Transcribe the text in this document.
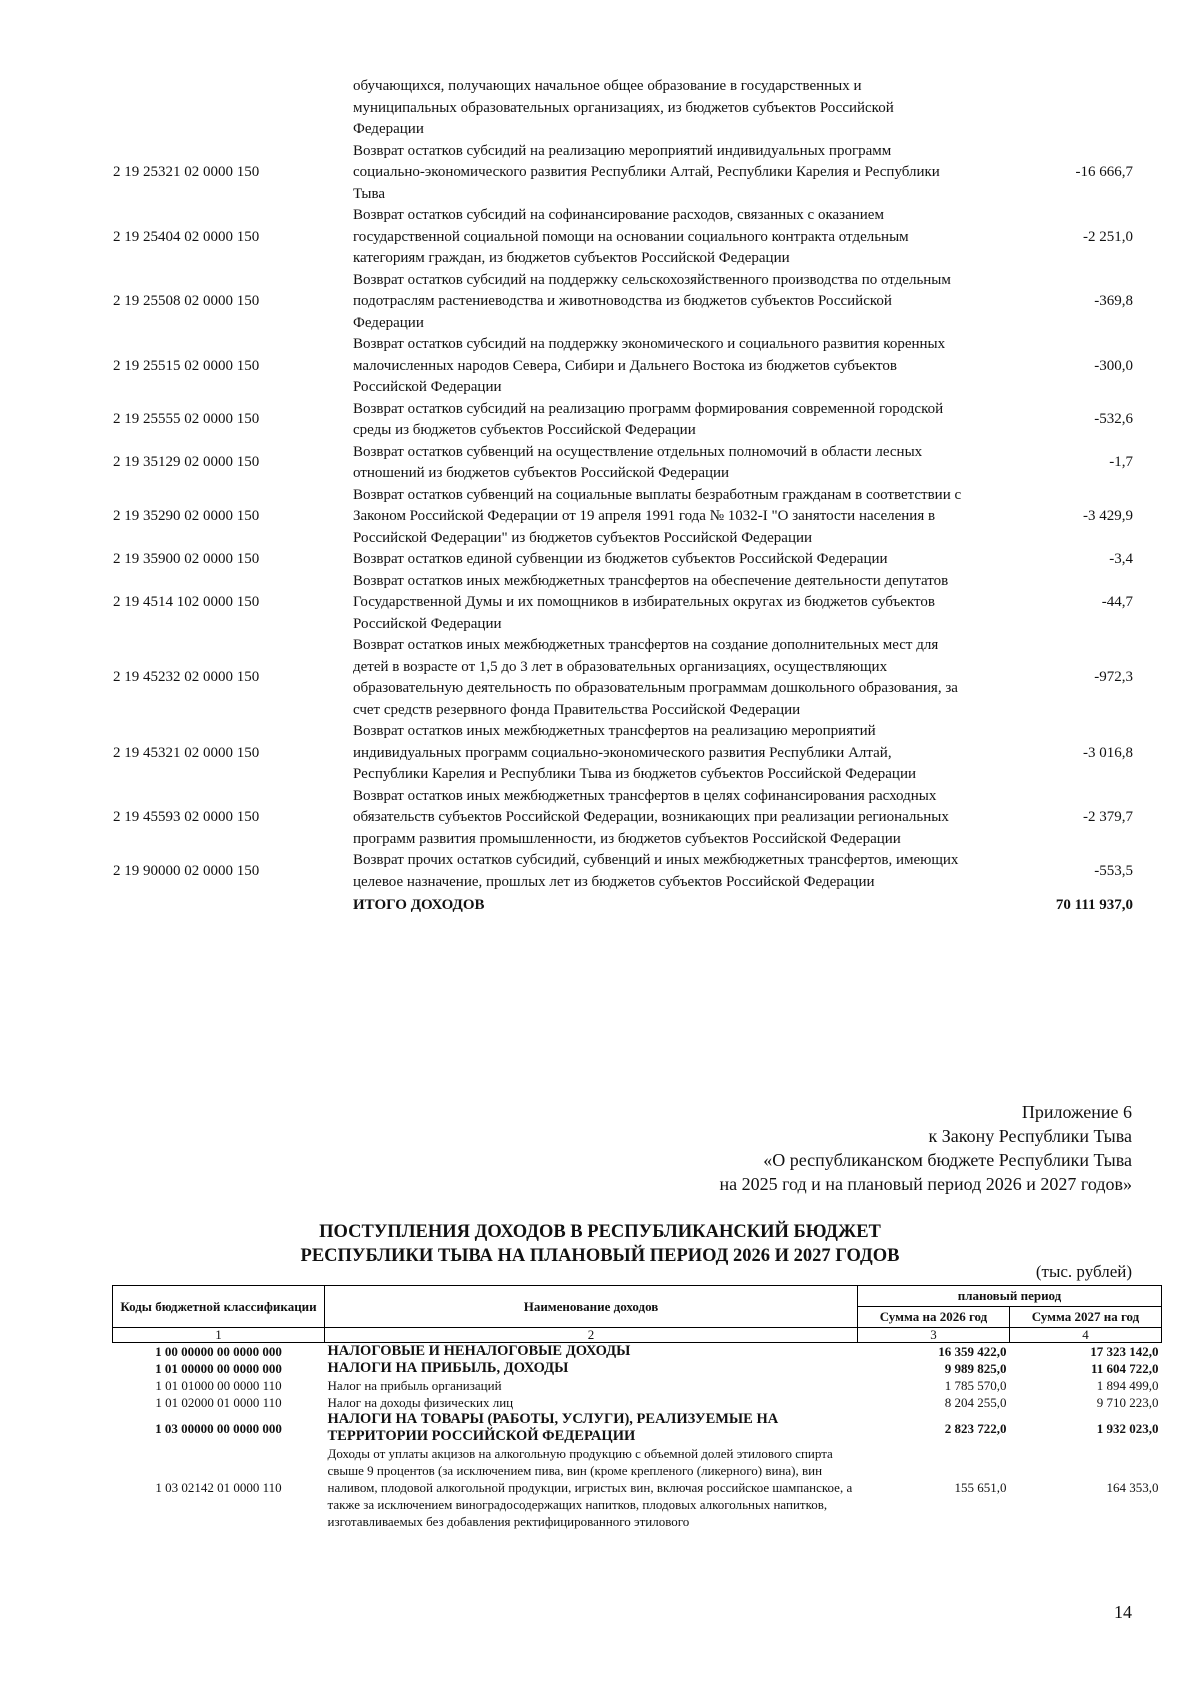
	обучающихся, получающих начальное общее образование в государственных и муниципальных образовательных организациях, из бюджетов субъектов Российской Федерации	
2 19 25321 02 0000 150	Возврат остатков субсидий на реализацию мероприятий индивидуальных программ социально-экономического развития Республики Алтай, Республики Карелия и Республики Тыва	-16 666,7
2 19 25404 02 0000 150	Возврат остатков субсидий на софинансирование расходов, связанных с оказанием государственной социальной помощи на основании социального контракта отдельным категориям граждан, из бюджетов субъектов Российской Федерации	-2 251,0
2 19 25508 02 0000 150	Возврат остатков субсидий на поддержку сельскохозяйственного производства по отдельным подотраслям растениеводства и животноводства из бюджетов субъектов Российской Федерации	-369,8
2 19 25515 02 0000 150	Возврат остатков субсидий на поддержку экономического и социального развития коренных малочисленных народов Севера, Сибири и Дальнего Востока из бюджетов субъектов Российской Федерации	-300,0
2 19 25555 02 0000 150	Возврат остатков субсидий на реализацию программ формирования современной городской среды из бюджетов субъектов Российской Федерации	-532,6
2 19 35129 02 0000 150	Возврат остатков субвенций на осуществление отдельных полномочий в области лесных отношений из бюджетов субъектов Российской Федерации	-1,7
2 19 35290 02 0000 150	Возврат остатков субвенций на социальные выплаты безработным гражданам в соответствии с Законом Российской Федерации от 19 апреля 1991 года № 1032-I "О занятости населения в Российской Федерации" из бюджетов субъектов Российской Федерации	-3 429,9
2 19 35900 02 0000 150	Возврат остатков единой субвенции из бюджетов субъектов Российской Федерации	-3,4
2 19 4514 102 0000 150	Возврат остатков иных межбюджетных трансфертов на обеспечение деятельности депутатов Государственной Думы и их помощников в избирательных округах из бюджетов субъектов Российской Федерации	-44,7
2 19 45232 02 0000 150	Возврат остатков иных межбюджетных трансфертов на создание дополнительных мест для детей в возрасте от 1,5 до 3 лет в образовательных организациях, осуществляющих образовательную деятельность по образовательным программам дошкольного образования, за счет средств резервного фонда Правительства Российской Федерации	-972,3
2 19 45321 02 0000 150	Возврат остатков иных межбюджетных трансфертов на реализацию мероприятий индивидуальных программ социально-экономического развития Республики Алтай, Республики Карелия и Республики Тыва из бюджетов субъектов Российской Федерации	-3 016,8
2 19 45593 02 0000 150	Возврат остатков иных межбюджетных трансфертов в целях софинансирования расходных обязательств субъектов Российской Федерации, возникающих при реализации региональных программ развития промышленности, из бюджетов субъектов Российской Федерации	-2 379,7
2 19 90000 02 0000 150	Возврат прочих остатков субсидий, субвенций и иных межбюджетных трансфертов, имеющих целевое назначение, прошлых лет из бюджетов субъектов Российской Федерации	-553,5
	ИТОГО ДОХОДОВ	70 111 937,0
Приложение 6
к Закону Республики Тыва
«О республиканском бюджете Республики Тыва
на 2025 год и на плановый период 2026 и 2027 годов»
ПОСТУПЛЕНИЯ ДОХОДОВ В РЕСПУБЛИКАНСКИЙ БЮДЖЕТ
РЕСПУБЛИКИ ТЫВА НА ПЛАНОВЫЙ ПЕРИОД 2026 И 2027 ГОДОВ
(тыс. рублей)
Коды бюджетной классификации	Наименование доходов	плановый период	
		Сумма на 2026 год	Сумма 2027 на год
1	2	3	4
1 00 00000 00 0000 000	НАЛОГОВЫЕ И НЕНАЛОГОВЫЕ ДОХОДЫ	16 359 422,0	17 323 142,0
1 01 00000 00 0000 000	НАЛОГИ НА ПРИБЫЛЬ, ДОХОДЫ	9 989 825,0	11 604 722,0
1 01 01000 00 0000 110	Налог на прибыль организаций	1 785 570,0	1 894 499,0
1 01 02000 01 0000 110	Налог на доходы физических лиц	8 204 255,0	9 710 223,0
1 03 00000 00 0000 000	НАЛОГИ НА ТОВАРЫ (РАБОТЫ, УСЛУГИ), РЕАЛИЗУЕМЫЕ НА ТЕРРИТОРИИ РОССИЙСКОЙ ФЕДЕРАЦИИ	2 823 722,0	1 932 023,0
1 03 02142 01 0000 110	Доходы от уплаты акцизов на алкогольную продукцию с объемной долей этилового спирта свыше 9 процентов (за исключением пива, вин (кроме крепленого (ликерного) вина), вин наливом, плодовой алкогольной продукции, игристых вин, включая российское шампанское, а также за исключением виноградосодержащих напитков, плодовых алкогольных напитков, изготавливаемых без добавления ректифицированного этилового	155 651,0	164 353,0
14
